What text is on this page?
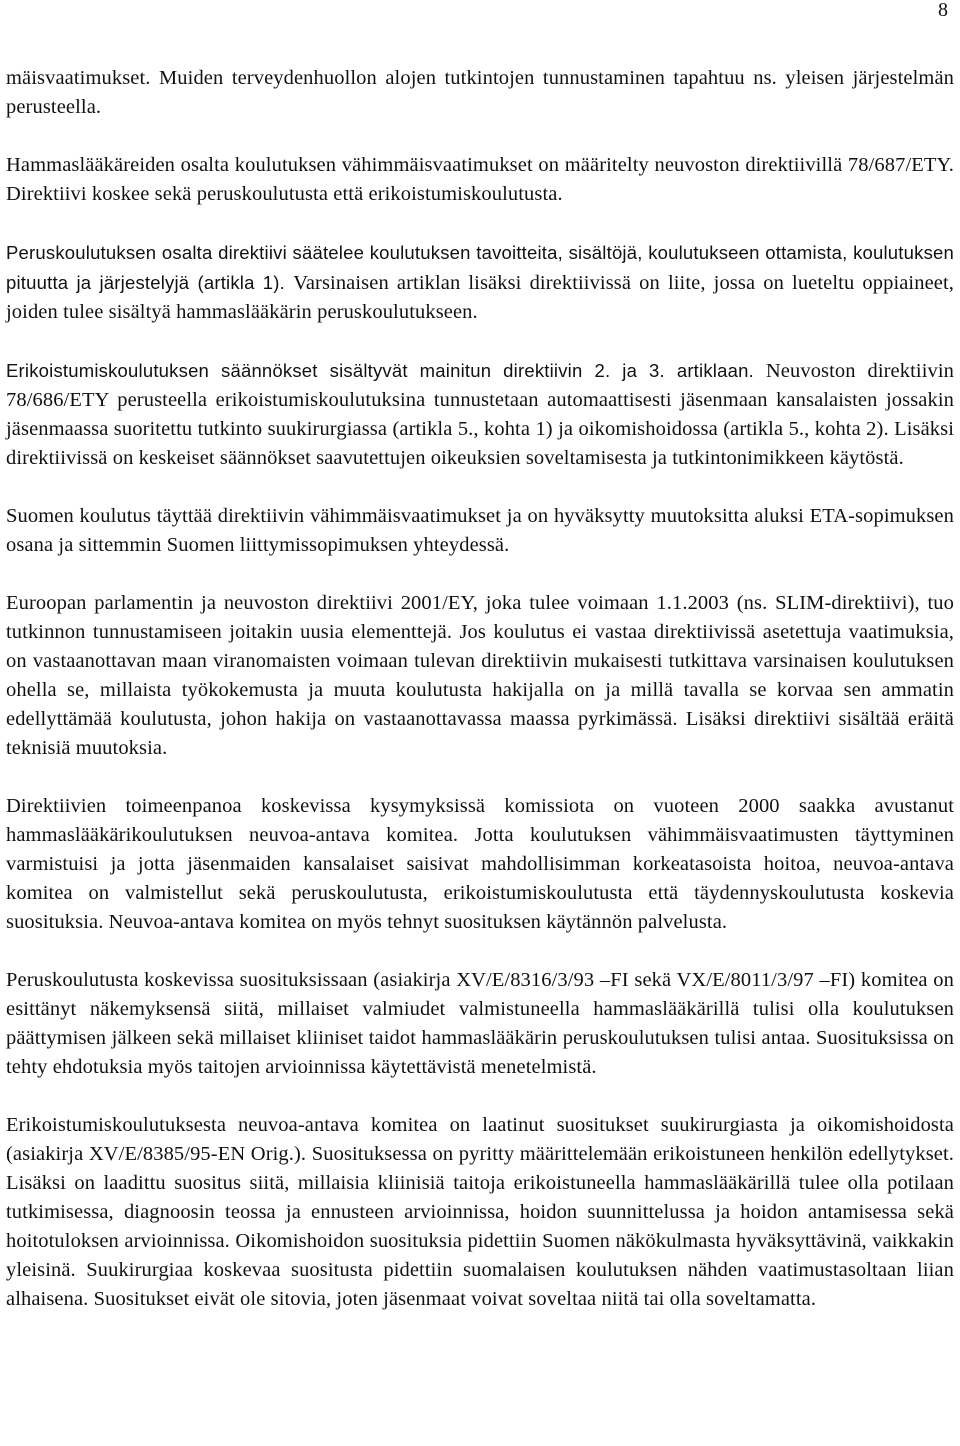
8

mäisvaatimukset. Muiden terveydenhuollon alojen tutkintojen tunnustaminen tapahtuu ns. yleisen järjestelmän perusteella.

Hammaslääkäreiden osalta koulutuksen vähimmäisvaatimukset on määritelty neuvoston direktiivillä 78/687/ETY. Direktiivi koskee sekä peruskoulutusta että erikoistumiskoulutusta.

Peruskoulutuksen osalta direktiivi säätelee koulutuksen tavoitteita, sisältöjä, koulutukseen ottamista, koulutuksen pituutta ja järjestelyjä (artikla 1). Varsinaisen artiklan lisäksi direktiivissä on liite, jossa on lueteltu oppiaineet, joiden tulee sisältyä hammaslääkärin peruskoulutukseen.

Erikoistumiskoulutuksen säännökset sisältyvät mainitun direktiivin 2. ja 3. artiklaan. Neuvoston direktiivin 78/686/ETY perusteella erikoistumiskoulutuksina tunnustetaan automaattisesti jäsenmaan kansalaisten jossakin jäsenmaassa suoritettu tutkinto suukirurgiassa (artikla 5., kohta 1) ja oikomishoidossa (artikla 5., kohta 2). Lisäksi direktiivissä on keskeiset säännökset saavutettujen oikeuksien soveltamisesta ja tutkintonimikkeen käytöstä.

Suomen koulutus täyttää direktiivin vähimmäisvaatimukset ja on hyväksytty muutoksitta aluksi ETA-sopimuksen osana ja sittemmin Suomen liittymissopimuksen yhteydessä.

Euroopan parlamentin ja neuvoston direktiivi 2001/EY, joka tulee voimaan 1.1.2003 (ns. SLIM-direktiivi), tuo tutkinnon tunnustamiseen joitakin uusia elementtejä. Jos koulutus ei vastaa direktiivissä asetettuja vaatimuksia, on vastaanottavan maan viranomaisten voimaan tulevan direktiivin mukaisesti tutkittava varsinaisen koulutuksen ohella se, millaista työkokemusta ja muuta koulutusta hakijalla on ja millä tavalla se korvaa sen ammatin edellyttämää koulutusta, johon hakija on vastaanottavassa maassa pyrkimässä. Lisäksi direktiivi sisältää eräitä teknisiä muutoksia.

Direktiivien toimeenpanoa koskevissa kysymyksissä komissiota on vuoteen 2000 saakka avustanut hammaslääkärikoulutuksen neuvoa-antava komitea. Jotta koulutuksen vähimmäisvaatimusten täyttyminen varmistuisi ja jotta jäsenmaiden kansalaiset saisivat mahdollisimman korkeatasoista hoitoa, neuvoa-antava komitea on valmistellut sekä peruskoulutusta, erikoistumiskoulutusta että täydennyskoulutusta koskevia suosituksia. Neuvoa-antava komitea on myös tehnyt suosituksen käytännön palvelusta.

Peruskoulutusta koskevissa suosituksissaan (asiakirja XV/E/8316/3/93 –FI sekä VX/E/8011/3/97 –FI) komitea on esittänyt näkemyksensä siitä, millaiset valmiudet valmistuneella hammaslääkärillä tulisi olla koulutuksen päättymisen jälkeen sekä millaiset kliiniset taidot hammaslääkärin peruskoulutuksen tulisi antaa. Suosituksissa on tehty ehdotuksia myös taitojen arvioinnissa käytettävistä menetelmistä.

Erikoistumiskoulutuksesta neuvoa-antava komitea on laatinut suositukset suukirurgiasta ja oikomishoidosta (asiakirja XV/E/8385/95-EN Orig.). Suosituksessa on pyritty määrittelemään erikoistuneen henkilön edellytykset. Lisäksi on laadittu suositus siitä, millaisia kliinisiä taitoja erikoistuneella hammaslääkärillä tulee olla potilaan tutkimisessa, diagnoosin teossa ja ennusteen arvioinnissa, hoidon suunnittelussa ja hoidon antamisessa sekä hoitotuloksen arvioinnissa. Oikomishoidon suosituksia pidettiin Suomen näkökulmasta hyväksyttävinä, vaikkakin yleisinä. Suukirurgiaa koskevaa suositusta pidettiin suomalaisen koulutuksen nähden vaatimustasoltaan liian alhaisena. Suositukset eivät ole sitovia, joten jäsenmaat voivat soveltaa niitä tai olla soveltamatta.
